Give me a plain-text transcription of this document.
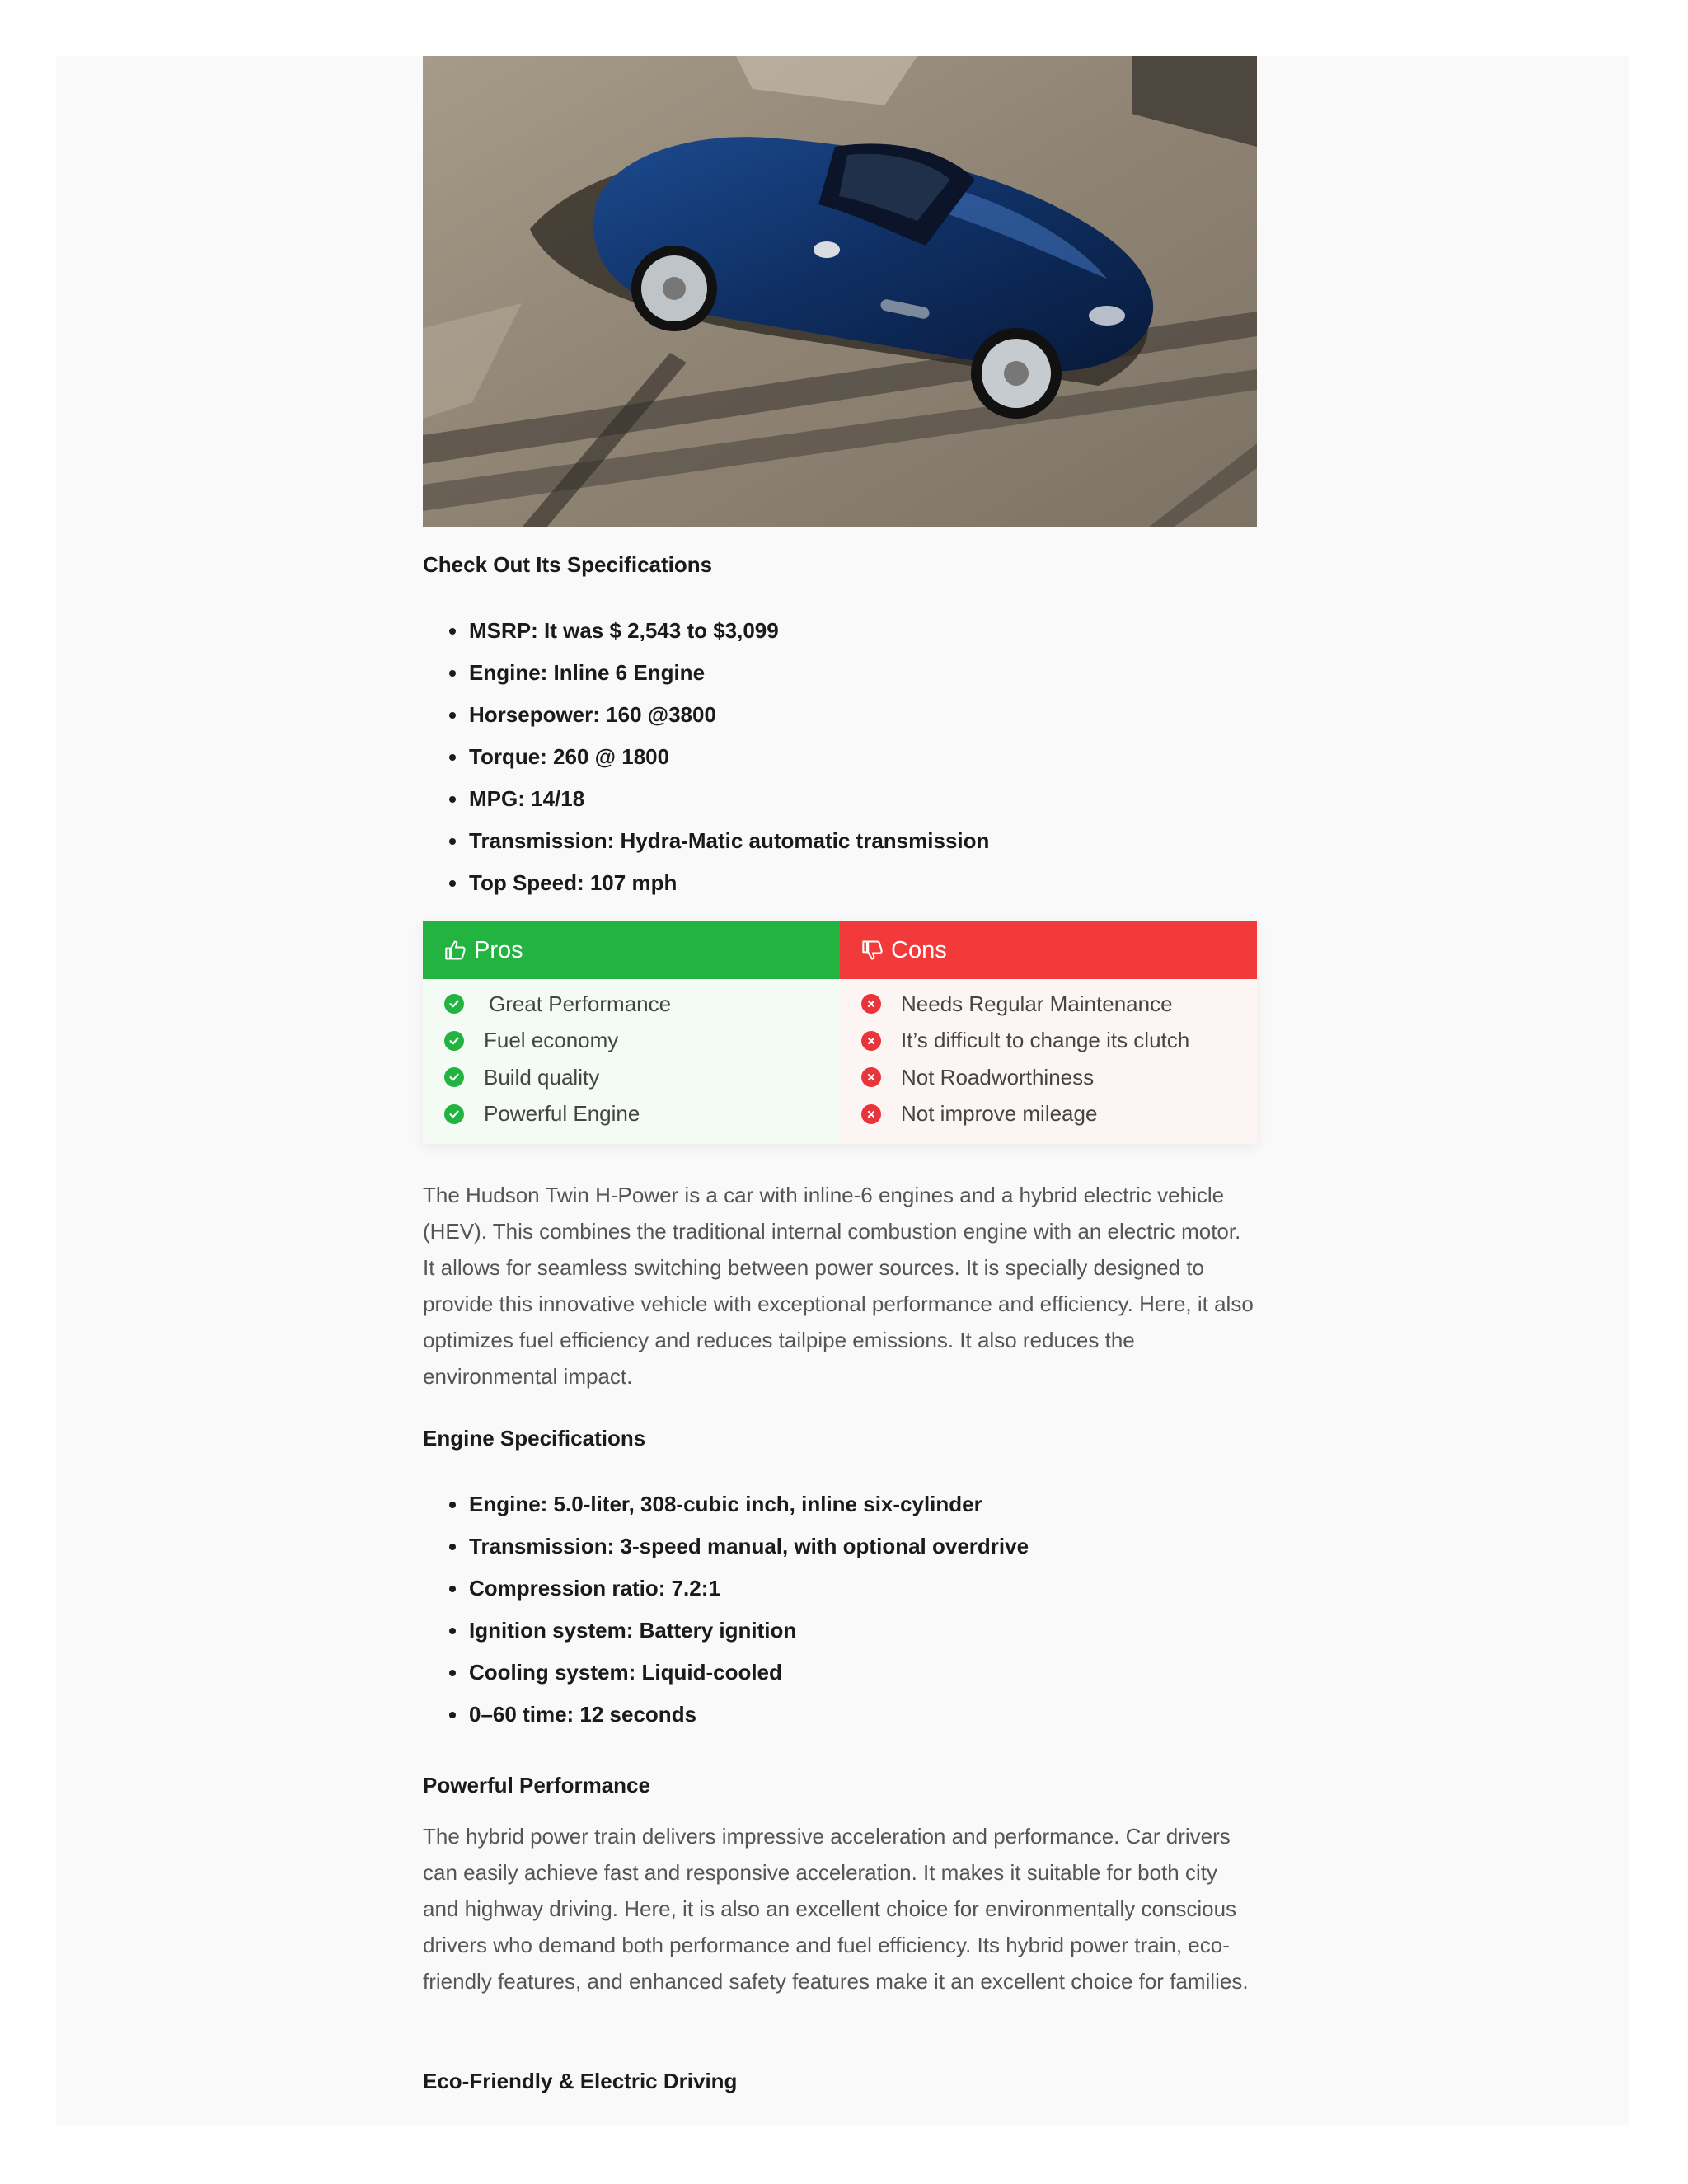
Check Out Its Specifications
MSRP: It was $ 2,543 to $3,099
Engine: Inline 6 Engine
Horsepower: 160 @3800
Torque: 260 @ 1800
MPG: 14/18
Transmission: Hydra-Matic automatic transmission
Top Speed: 107 mph
Pros
Great Performance
Fuel economy
Build quality
Powerful Engine
Cons
Needs Regular Maintenance
It’s difficult to change its clutch
Not Roadworthiness
Not improve mileage

The Hudson Twin H-Power is a car with inline-6 engines and a hybrid electric vehicle (HEV). This combines the traditional internal combustion engine with an electric motor. It allows for seamless switching between power sources. It is specially designed to provide this innovative vehicle with exceptional performance and efficiency. Here, it also optimizes fuel efficiency and reduces tailpipe emissions. It also reduces the environmental impact.

Engine Specifications
Engine: 5.0-liter, 308-cubic inch, inline six-cylinder
Transmission: 3-speed manual, with optional overdrive
Compression ratio: 7.2:1
Ignition system: Battery ignition
Cooling system: Liquid-cooled
0–60 time: 12 seconds
Powerful Performance

The hybrid power train delivers impressive acceleration and performance. Car drivers can easily achieve fast and responsive acceleration. It makes it suitable for both city and highway driving. Here, it is also an excellent choice for environmentally conscious drivers who demand both performance and fuel efficiency. Its hybrid power train, eco-friendly features, and enhanced safety features make it an excellent choice for families.

Eco-Friendly & Electric Driving
